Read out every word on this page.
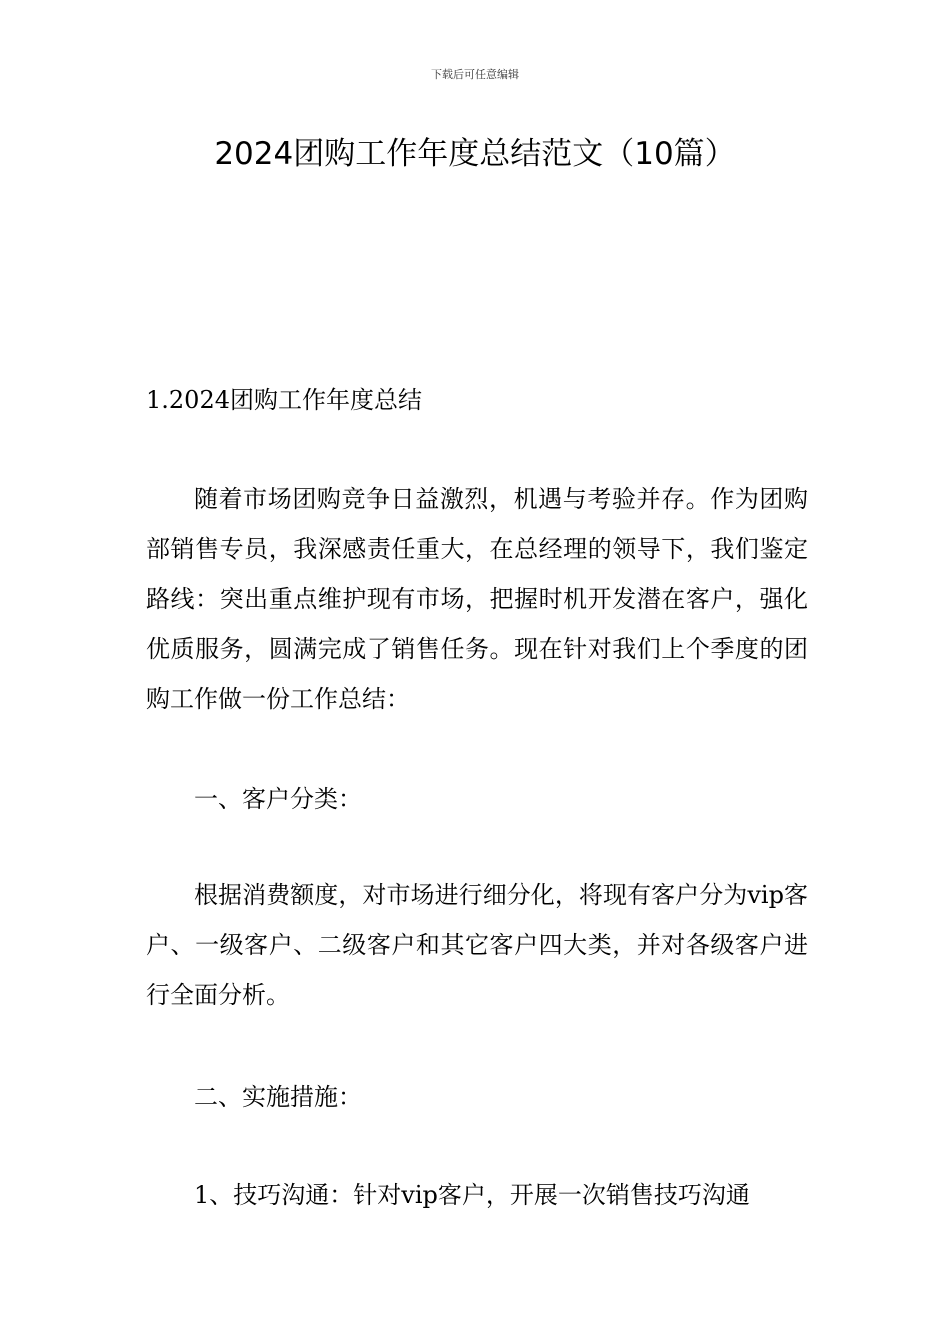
下载后可任意编辑
2024团购工作年度总结范文（10篇）
1.2024团购工作年度总结
随着市场团购竞争日益激烈，机遇与考验并存。作为团购部销售专员，我深感责任重大，在总经理的领导下，我们鉴定路线：突出重点维护现有市场，把握时机开发潜在客户，强化优质服务，圆满完成了销售任务。现在针对我们上个季度的团购工作做一份工作总结：
一、客户分类：
根据消费额度，对市场进行细分化，将现有客户分为vip客户、一级客户、二级客户和其它客户四大类，并对各级客户进行全面分析。
二、实施措施：
1、技巧沟通：针对vip客户，开展一次销售技巧沟通
